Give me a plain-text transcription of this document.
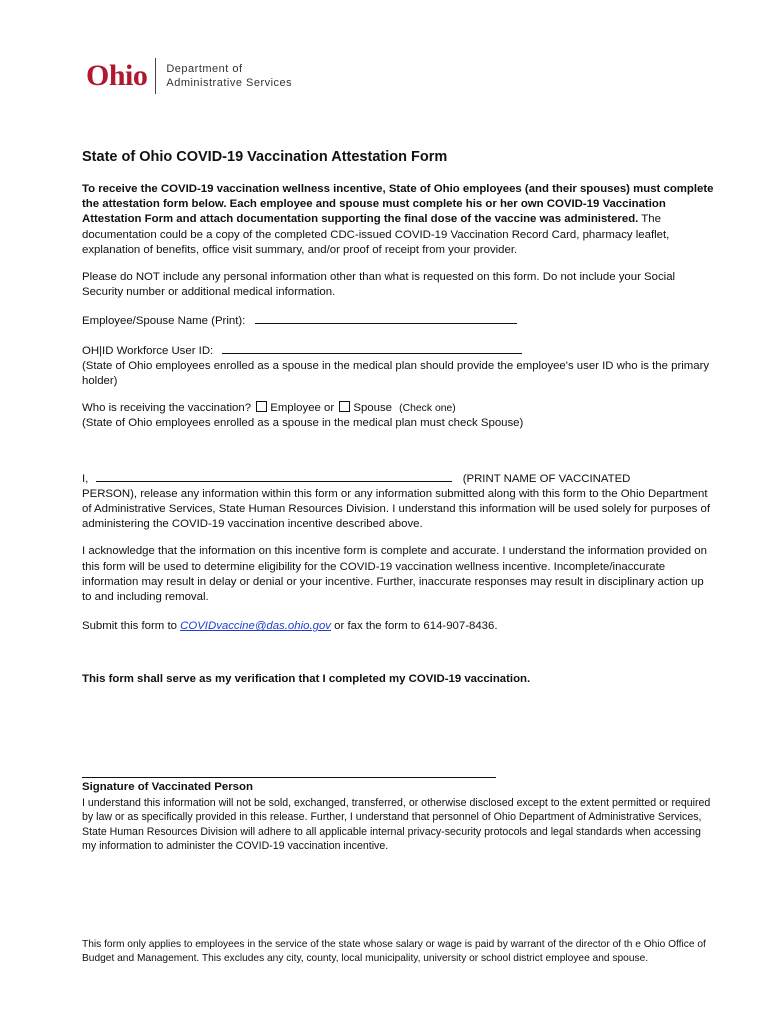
Ohio Department of
Administrative Services
State of Ohio COVID-19 Vaccination Attestation Form

To receive the COVID-19 vaccination wellness incentive, State of Ohio employees (and their spouses) must complete the attestation form below. Each employee and spouse must complete his or her own COVID-19 Vaccination Attestation Form and attach documentation supporting the final dose of the vaccine was administered. The documentation could be a copy of the completed CDC-issued COVID-19 Vaccination Record Card, pharmacy leaflet, explanation of benefits, office visit summary, and/or proof of receipt from your provider.

Please do NOT include any personal information other than what is requested on this form. Do not include your Social Security number or additional medical information.

Employee/Spouse Name (Print):

OH|ID Workforce User ID:

(State of Ohio employees enrolled as a spouse in the medical plan should provide the employee's user ID who is the primary holder)

Who is receiving the vaccination? Employee or Spouse (Check one)

(State of Ohio employees enrolled as a spouse in the medical plan must check Spouse)

I,	(PRINT NAME OF VACCINATED

PERSON), release any information within this form or any information submitted along with this form to the Ohio Department of Administrative Services, State Human Resources Division. I understand this information will be used solely for purposes of administering the COVID-19 vaccination incentive described above.

I acknowledge that the information on this incentive form is complete and accurate. I understand the information provided on this form will be used to determine eligibility for the COVID-19 vaccination wellness incentive. Incomplete/inaccurate information may result in delay or denial or your incentive. Further, inaccurate responses may result in disciplinary action up to and including removal.

Submit this form to COVIDvaccine@das.ohio.gov or fax the form to 614-907-8436.

This form shall serve as my verification that I completed my COVID-19 vaccination.

Signature of Vaccinated Person
I understand this information will not be sold, exchanged, transferred, or otherwise disclosed except to the extent permitted or required by law or as specifically provided in this release. Further, I understand that personnel of Ohio Department of Administrative Services, State Human Resources Division will adhere to all applicable internal privacy-security protocols and legal standards when accessing my information to administer the COVID-19 vaccination incentive.
This form only applies to employees in the service of the state whose salary or wage is paid by warrant of the director of th e Ohio Office of Budget and Management. This excludes any city, county, local municipality, university or school district employee and spouse.
